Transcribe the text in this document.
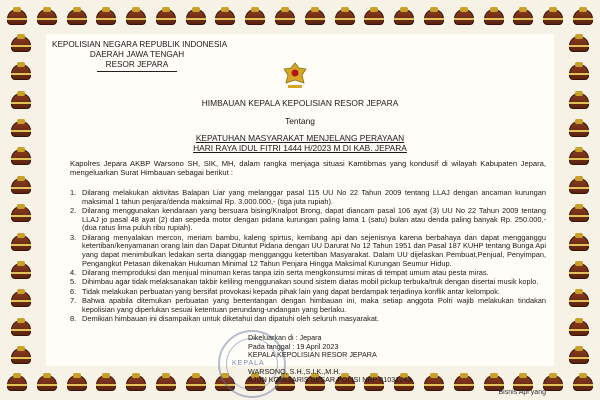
KEPOLISIAN NEGARA REPUBLIK INDONESIA
DAERAH JAWA TENGAH
RESOR JEPARA
HIMBAUAN KEPALA KEPOLISIAN RESOR JEPARA
Tentang
KEPATUHAN MASYARAKAT MENJELANG PERAYAAN
HARI RAYA IDUL FITRI 1444 H/2023 M DI KAB. JEPARA
Kapolres Jepara AKBP Warsono SH, SIK, MH, dalam rangka menjaga situasi Kamtibmas yang kondusif di wilayah Kabupaten Jepara, mengeluarkan Surat Himbauan sebagai berikut :
1. Dilarang melakukan aktivitas Balapan Liar yang melanggar pasal 115 UU No 22 Tahun 2009 tentang LLAJ dengan ancaman kurungan maksimal 1 tahun penjara/denda maksimal Rp. 3.000.000,- (tiga juta rupiah).
2. Dilarang menggunakan kendaraan yang bersuara bising/Knalpot Brong, dapat diancam pasal 106 ayat (3) UU No 22 Tahun 2009 tentang LLAJ jo pasal 48 ayat (2) dan sepeda motor dengan pidana kurungan paling lama 1 (satu) bulan atau denda paling banyak Rp. 250.000,- (dua ratus lima puluh ribu rupiah).
3. Dilarang menyalakan mercon, meriam bambu, kaleng spirtus, kembang api dan sejenisnya karena berbahaya dan dapat mengganggu ketertiban/kenyamanan orang lain dan Dapat Dituntut Pidana dengan UU Darurat No 12 Tahun 1951 dan Pasal 187 KUHP tentang Bunga Api yang dapat menimbulkan ledakan serta dianggap mengganggu ketertiban Masyarakat. Dalam UU dijelaskan Pembuat,Penjual, Penyimpan, Pengangkut Petasan dikenakan Hukuman Minimal 12 Tahun Penjara Hingga Maksimal Kurungan Seumur Hidup.
4. Dilarang memproduksi dan menjual minuman keras tanpa izin serta mengkonsumsi miras di tempat umum atau pesta miras.
5. Dihimbau agar tidak melaksanakan takbir keliling menggunakan sound sistem diatas mobil pickup terbuka/truk dengan disertai musik koplo.
6. Tidak melakukan perbuatan yang bersifat provokasi kepada pihak lain yang dapat berdampak terjadinya konflik antar kelompok.
7. Bahwa apabila ditemukan perbuatan yang bertentangan dengan himbauan ini, maka setiap anggota Polri wajib melakukan tindakan kepolisian yang diperlukan sesuai ketentuan perundang-undangan yang berlaku.
8. Demikian himbauan ini disampaikan untuk diketahui dan dipatuhi oleh seluruh masyarakat.
KEPALA
Dikeluarkan di : Jepara
Pada tanggal : 19 April 2023
KEPALA KEPOLISIAN RESOR JEPARA
WARSONO, S.H.,S.I.K.,M.H.
AJUN KOMISARIS BESAR POLISI NRP 81031243
Bisnis Api yang
